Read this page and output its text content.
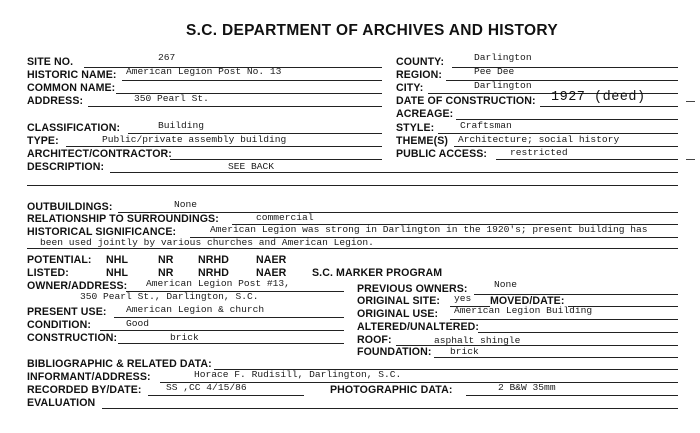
S.C. DEPARTMENT OF ARCHIVES AND HISTORY
SITE NO.	267	COUNTY:	Darlington
HISTORIC NAME: American Legion Post No. 13	REGION:	Pee Dee
COMMON NAME:	CITY:	Darlington
ADDRESS:	350 Pearl St.	DATE OF CONSTRUCTION: 1927 (deed)
ACREAGE:
CLASSIFICATION:	Building	STYLE:	Craftsman
TYPE:	Public/private assembly building	THEME(S) Architecture; social history
ARCHITECT/CONTRACTOR:	PUBLIC ACCESS: restricted
DESCRIPTION:	SEE BACK
OUTBUILDINGS:	None
RELATIONSHIP TO SURROUNDINGS:	commercial
HISTORICAL SIGNIFICANCE:	American Legion was strong in Darlington in the 1920's; present building has
been used jointly by various churches and American Legion.
POTENTIAL: NHL	NR NRHD	NAER
LISTED:	NHL	NR NRHD	NAER S.C. MARKER PROGRAM
OWNER/ADDRESS: American Legion Post #13,
350 Pearl St., Darlington, S.C.
PREVIOUS OWNERS:	None
ORIGINAL SITE: yes MOVED/DATE:
PRESENT USE: American Legion & church	ORIGINAL USE: American Legion Building
CONDITION:	Good	ALTERED/UNALTERED:
CONSTRUCTION:	brick	ROOF:	asphalt shingle
FOUNDATION: brick
BIBLIOGRAPHIC & RELATED DATA:
INFORMANT/ADDRESS:	Horace F. Rudisill, Darlington, S.C.
RECORDED BY/DATE:	SS ,CC 4/15/86	PHOTOGRAPHIC DATA:	2 B&W 35mm
EVALUATION
